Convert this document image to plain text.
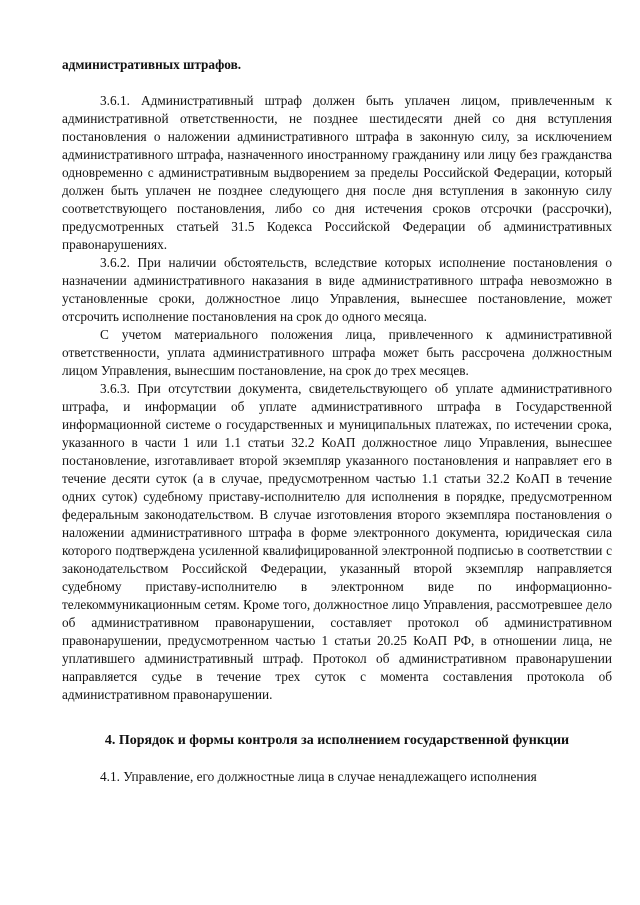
административных штрафов.

3.6.1. Административный штраф должен быть уплачен лицом, привлеченным к административной ответственности, не позднее шестидесяти дней со дня вступления постановления о наложении административного штрафа в законную силу, за исключением административного штрафа, назначенного иностранному гражданину или лицу без гражданства одновременно с административным выдворением за пределы Российской Федерации, который должен быть уплачен не позднее следующего дня после дня вступления в законную силу соответствующего постановления, либо со дня истечения сроков отсрочки (рассрочки), предусмотренных статьей 31.5 Кодекса Российской Федерации об административных правонарушениях.

3.6.2. При наличии обстоятельств, вследствие которых исполнение постановления о назначении административного наказания в виде административного штрафа невозможно в установленные сроки, должностное лицо Управления, вынесшее постановление, может отсрочить исполнение постановления на срок до одного месяца.

С учетом материального положения лица, привлеченного к административной ответственности, уплата административного штрафа может быть рассрочена должностным лицом Управления, вынесшим постановление, на срок до трех месяцев.

3.6.3. При отсутствии документа, свидетельствующего об уплате административного штрафа, и информации об уплате административного штрафа в Государственной информационной системе о государственных и муниципальных платежах, по истечении срока, указанного в части 1 или 1.1 статьи 32.2 КоАП должностное лицо Управления, вынесшее постановление, изготавливает второй экземпляр указанного постановления и направляет его в течение десяти суток (а в случае, предусмотренном частью 1.1 статьи 32.2 КоАП в течение одних суток) судебному приставу-исполнителю для исполнения в порядке, предусмотренном федеральным законодательством. В случае изготовления второго экземпляра постановления о наложении административного штрафа в форме электронного документа, юридическая сила которого подтверждена усиленной квалифицированной электронной подписью в соответствии с законодательством Российской Федерации, указанный второй экземпляр направляется судебному приставу-исполнителю в электронном виде по информационно-телекоммуникационным сетям. Кроме того, должностное лицо Управления, рассмотревшее дело об административном правонарушении, составляет протокол об административном правонарушении, предусмотренном частью 1 статьи 20.25 КоАП РФ, в отношении лица, не уплатившего административный штраф. Протокол об административном правонарушении направляется судье в течение трех суток с момента составления протокола об административном правонарушении.

4. Порядок и формы контроля за исполнением государственной функции

4.1. Управление, его должностные лица в случае ненадлежащего исполнения
